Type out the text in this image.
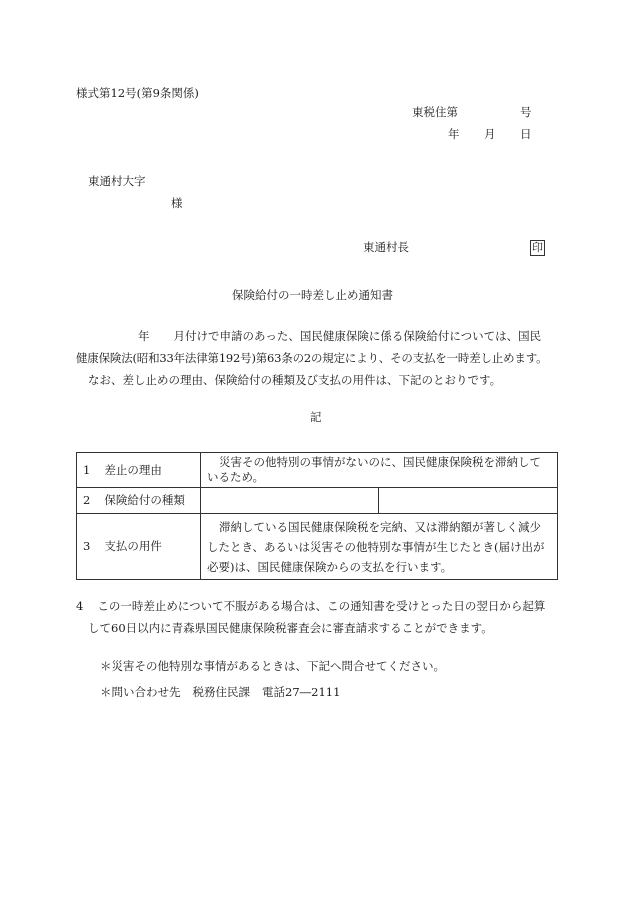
様式第12号(第9条関係)
東税住第	号
年 月 日
東通村大字
様
東通村長	印
保険給付の一時差し止め通知書
年 月付けで申請のあった、国民健康保険に係る保険給付については、国民
健康保険法(昭和33年法律第192号)第63条の2の規定により、その支払を一時差し止めます。
なお、差し止めの理由、保険給付の種類及び支払の用件は、下記のとおりです。
記
1 差止の理由	災害その他特別の事情がないのに、国民健康保険税を滞納しているため。	
2 保険給付の種類		
3 支払の用件	滞納している国民健康保険税を完納、又は滞納額が著しく減少したとき、あるいは災害その他特別な事情が生じたとき(届け出が必要)は、国民健康保険からの支払を行います。	
4 この一時差止めについて不服がある場合は、この通知書を受けとった日の翌日から起算
して60日以内に青森県国民健康保険税審査会に審査請求することができます。
＊災害その他特別な事情があるときは、下記へ問合せてください。
＊問い合わせ先 税務住民課 電話27―2111
